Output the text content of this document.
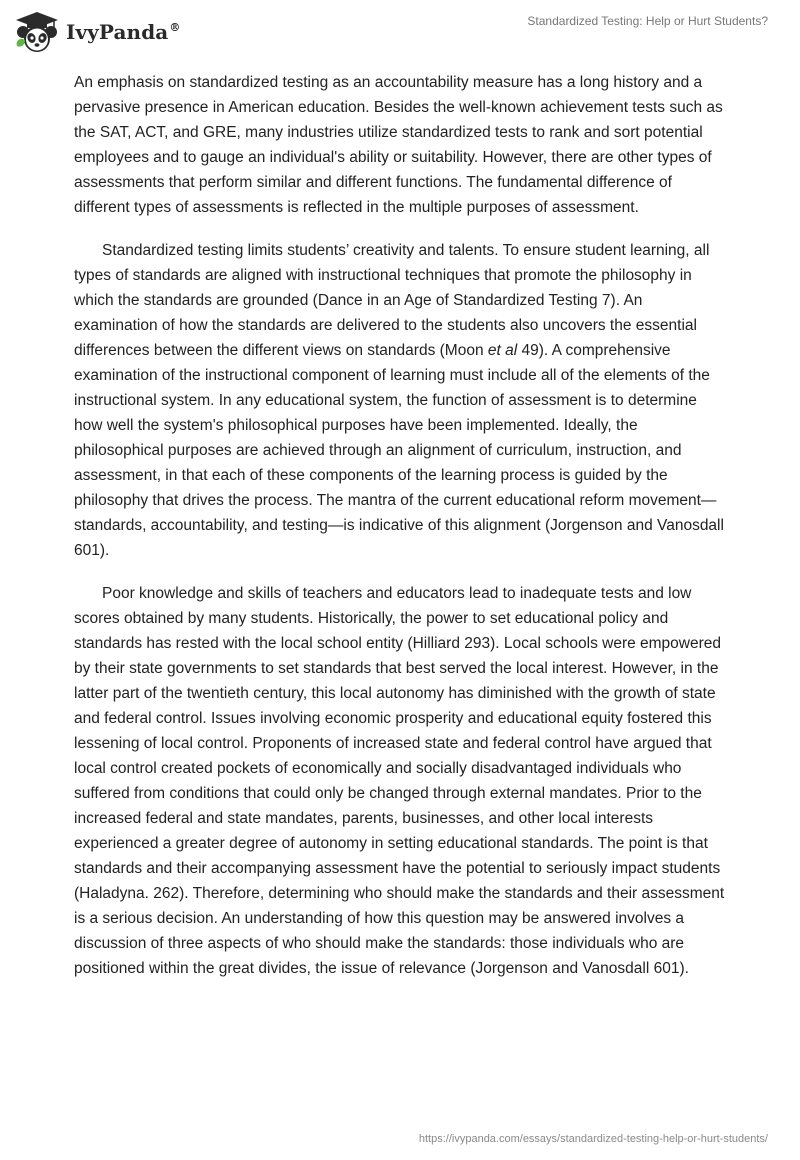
IvyPanda®	Standardized Testing: Help or Hurt Students?

An emphasis on standardized testing as an accountability measure has a long history and a pervasive presence in American education. Besides the well-known achievement tests such as the SAT, ACT, and GRE, many industries utilize standardized tests to rank and sort potential employees and to gauge an individual's ability or suitability. However, there are other types of assessments that perform similar and different functions. The fundamental difference of different types of assessments is reflected in the multiple purposes of assessment.

Standardized testing limits students’ creativity and talents. To ensure student learning, all types of standards are aligned with instructional techniques that promote the philosophy in which the standards are grounded (Dance in an Age of Standardized Testing 7). An examination of how the standards are delivered to the students also uncovers the essential differences between the different views on standards (Moon et al 49). A comprehensive examination of the instructional component of learning must include all of the elements of the instructional system. In any educational system, the function of assessment is to determine how well the system's philosophical purposes have been implemented. Ideally, the philosophical purposes are achieved through an alignment of curriculum, instruction, and assessment, in that each of these components of the learning process is guided by the philosophy that drives the process. The mantra of the current educational reform movement—standards, accountability, and testing—is indicative of this alignment (Jorgenson and Vanosdall 601).

Poor knowledge and skills of teachers and educators lead to inadequate tests and low scores obtained by many students. Historically, the power to set educational policy and standards has rested with the local school entity (Hilliard 293). Local schools were empowered by their state governments to set standards that best served the local interest. However, in the latter part of the twentieth century, this local autonomy has diminished with the growth of state and federal control. Issues involving economic prosperity and educational equity fostered this lessening of local control. Proponents of increased state and federal control have argued that local control created pockets of economically and socially disadvantaged individuals who suffered from conditions that could only be changed through external mandates. Prior to the increased federal and state mandates, parents, businesses, and other local interests experienced a greater degree of autonomy in setting educational standards. The point is that standards and their accompanying assessment have the potential to seriously impact students (Haladyna. 262). Therefore, determining who should make the standards and their assessment is a serious decision. An understanding of how this question may be answered involves a discussion of three aspects of who should make the standards: those individuals who are positioned within the great divides, the issue of relevance (Jorgenson and Vanosdall 601).

https://ivypanda.com/essays/standardized-testing-help-or-hurt-students/
